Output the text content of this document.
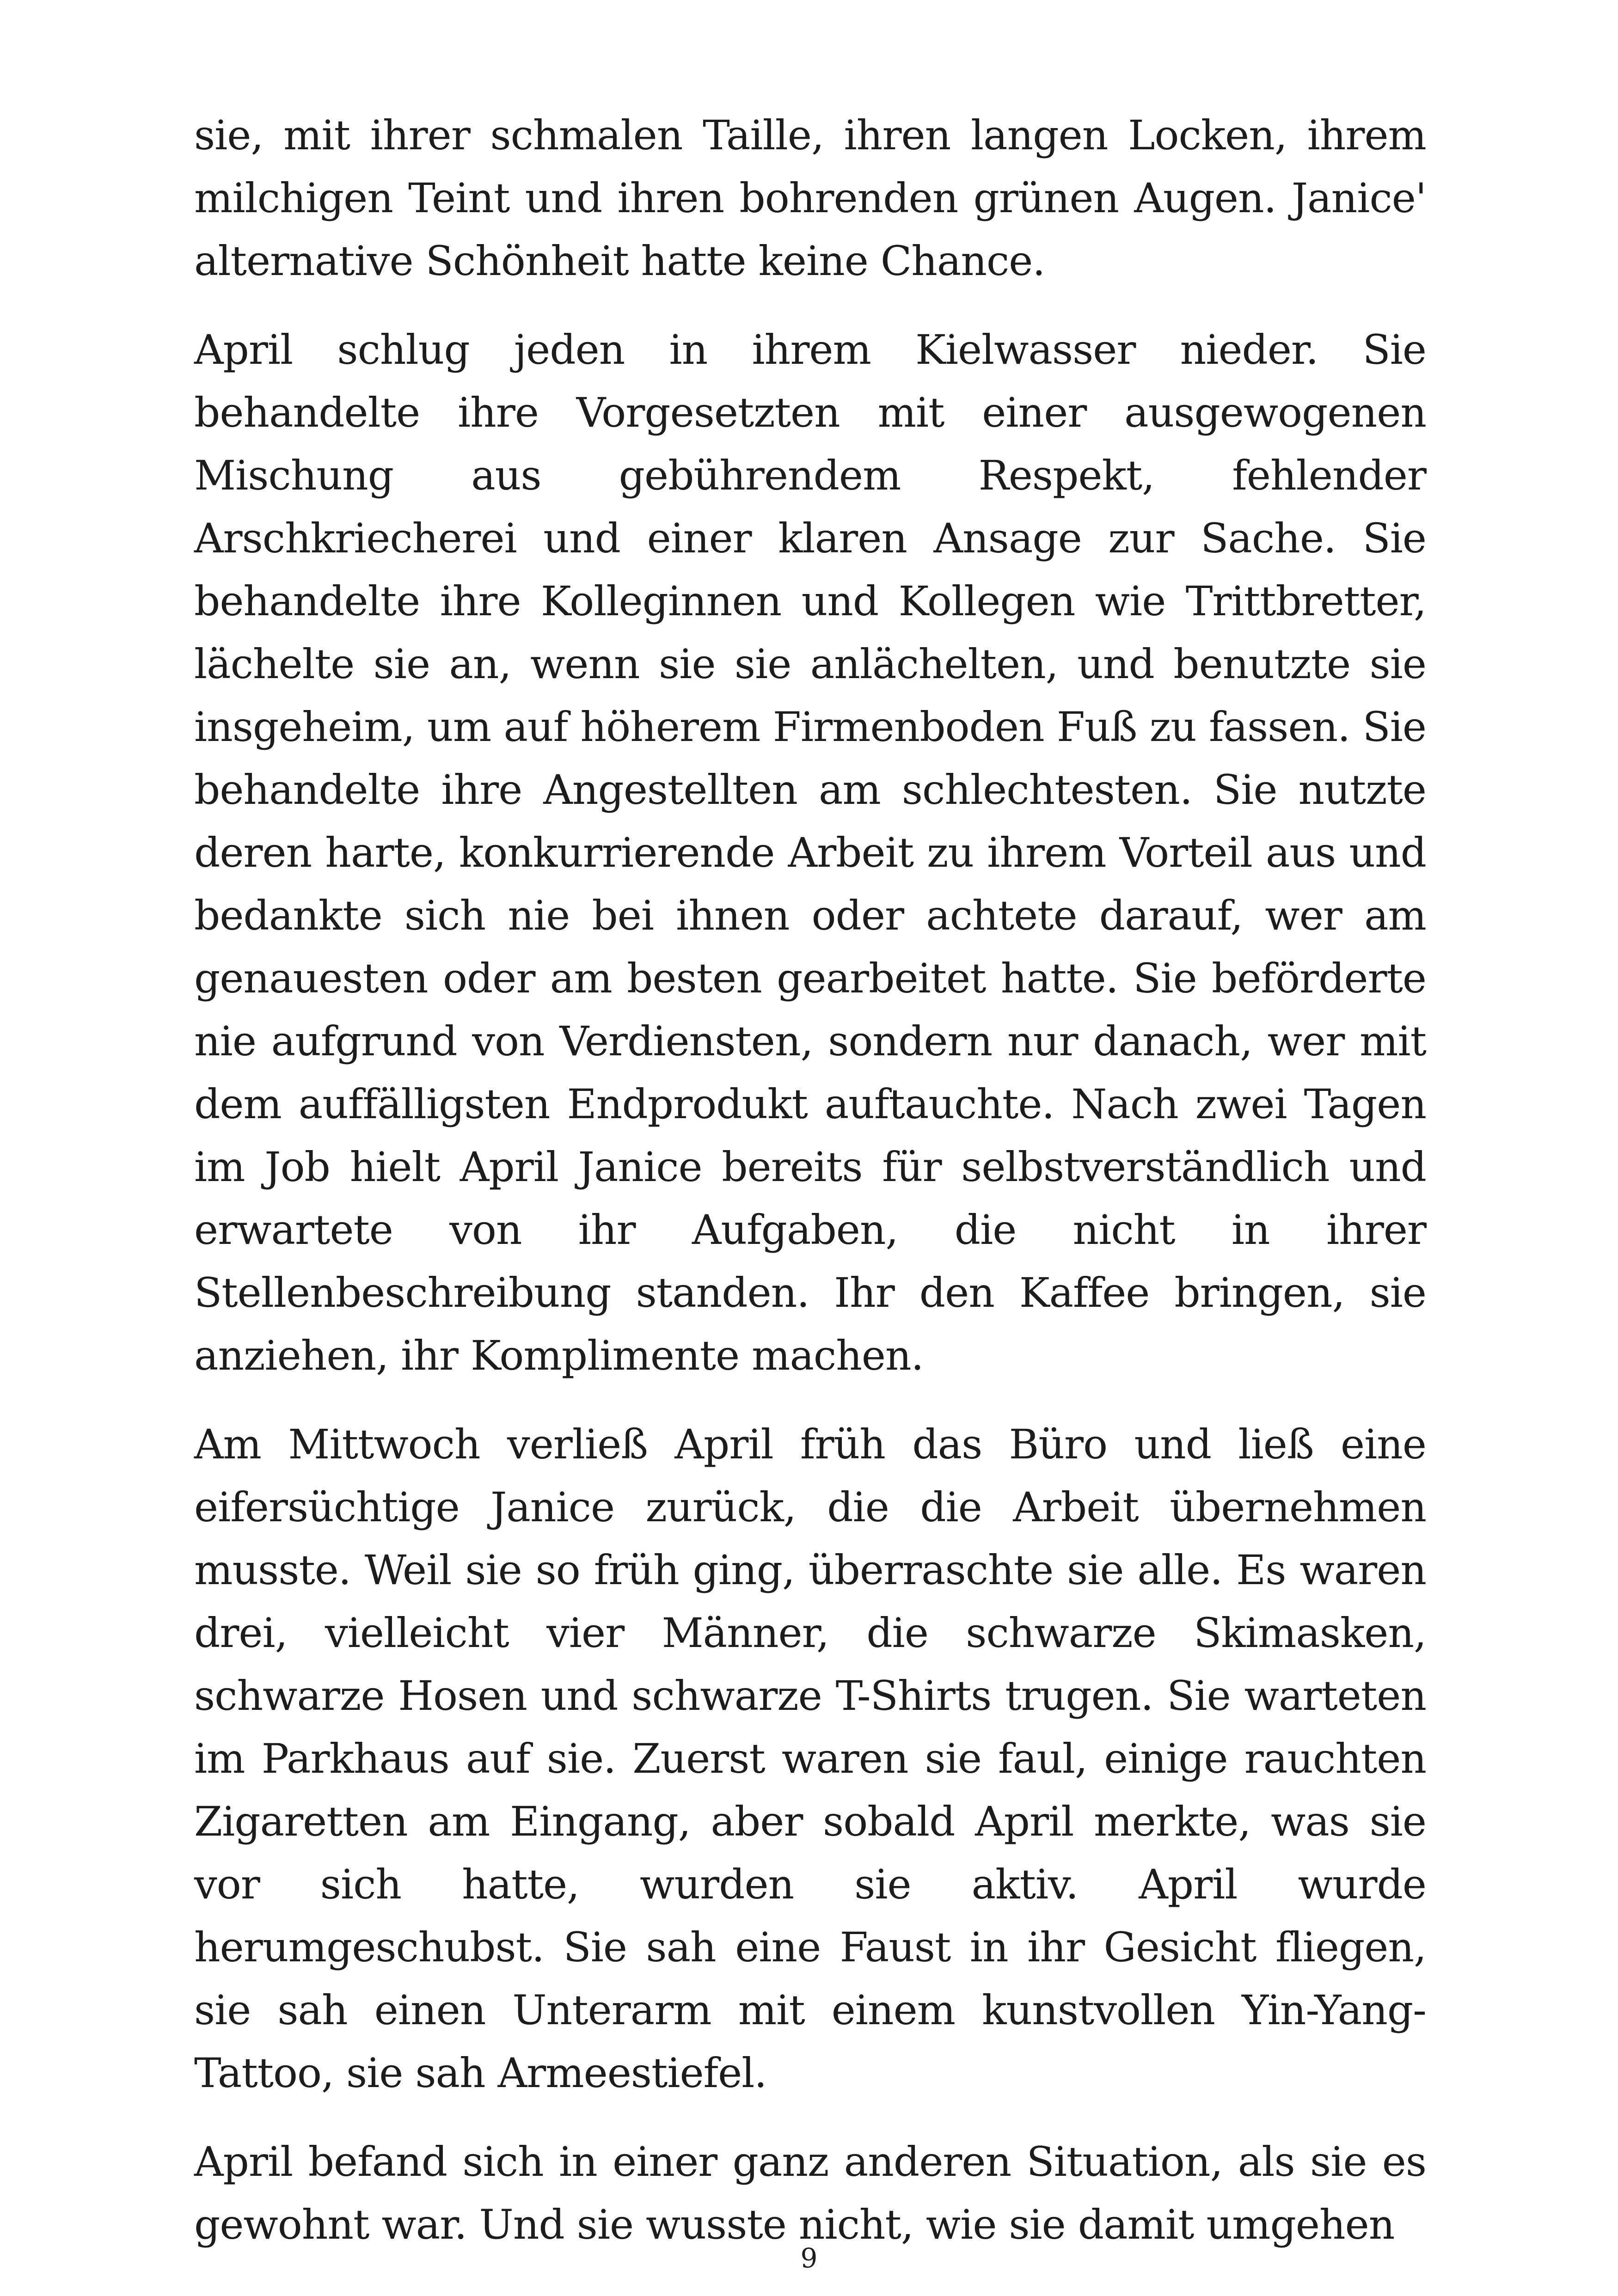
sie, mit ihrer schmalen Taille, ihren langen Locken, ihrem milchigen Teint und ihren bohrenden grünen Augen. Janice' alternative Schönheit hatte keine Chance.

April schlug jeden in ihrem Kielwasser nieder. Sie behandelte ihre Vorgesetzten mit einer ausgewogenen Mischung aus gebührendem Respekt, fehlender Arschkriecherei und einer klaren Ansage zur Sache. Sie behandelte ihre Kolleginnen und Kollegen wie Trittbretter, lächelte sie an, wenn sie sie anlächelten, und benutzte sie insgeheim, um auf höherem Firmenboden Fuß zu fassen. Sie behandelte ihre Angestellten am schlechtesten. Sie nutzte deren harte, konkurrierende Arbeit zu ihrem Vorteil aus und bedankte sich nie bei ihnen oder achtete darauf, wer am genauesten oder am besten gearbeitet hatte. Sie beförderte nie aufgrund von Verdiensten, sondern nur danach, wer mit dem auffälligsten Endprodukt auftauchte. Nach zwei Tagen im Job hielt April Janice bereits für selbstverständlich und erwartete von ihr Aufgaben, die nicht in ihrer Stellenbeschreibung standen. Ihr den Kaffee bringen, sie anziehen, ihr Komplimente machen.

Am Mittwoch verließ April früh das Büro und ließ eine eifersüchtige Janice zurück, die die Arbeit übernehmen musste. Weil sie so früh ging, überraschte sie alle. Es waren drei, vielleicht vier Männer, die schwarze Skimasken, schwarze Hosen und schwarze T-Shirts trugen. Sie warteten im Parkhaus auf sie. Zuerst waren sie faul, einige rauchten Zigaretten am Eingang, aber sobald April merkte, was sie vor sich hatte, wurden sie aktiv. April wurde herumgeschubst. Sie sah eine Faust in ihr Gesicht fliegen, sie sah einen Unterarm mit einem kunstvollen Yin-Yang-Tattoo, sie sah Armeestiefel.

April befand sich in einer ganz anderen Situation, als sie es gewohnt war. Und sie wusste nicht, wie sie damit umgehen

9
